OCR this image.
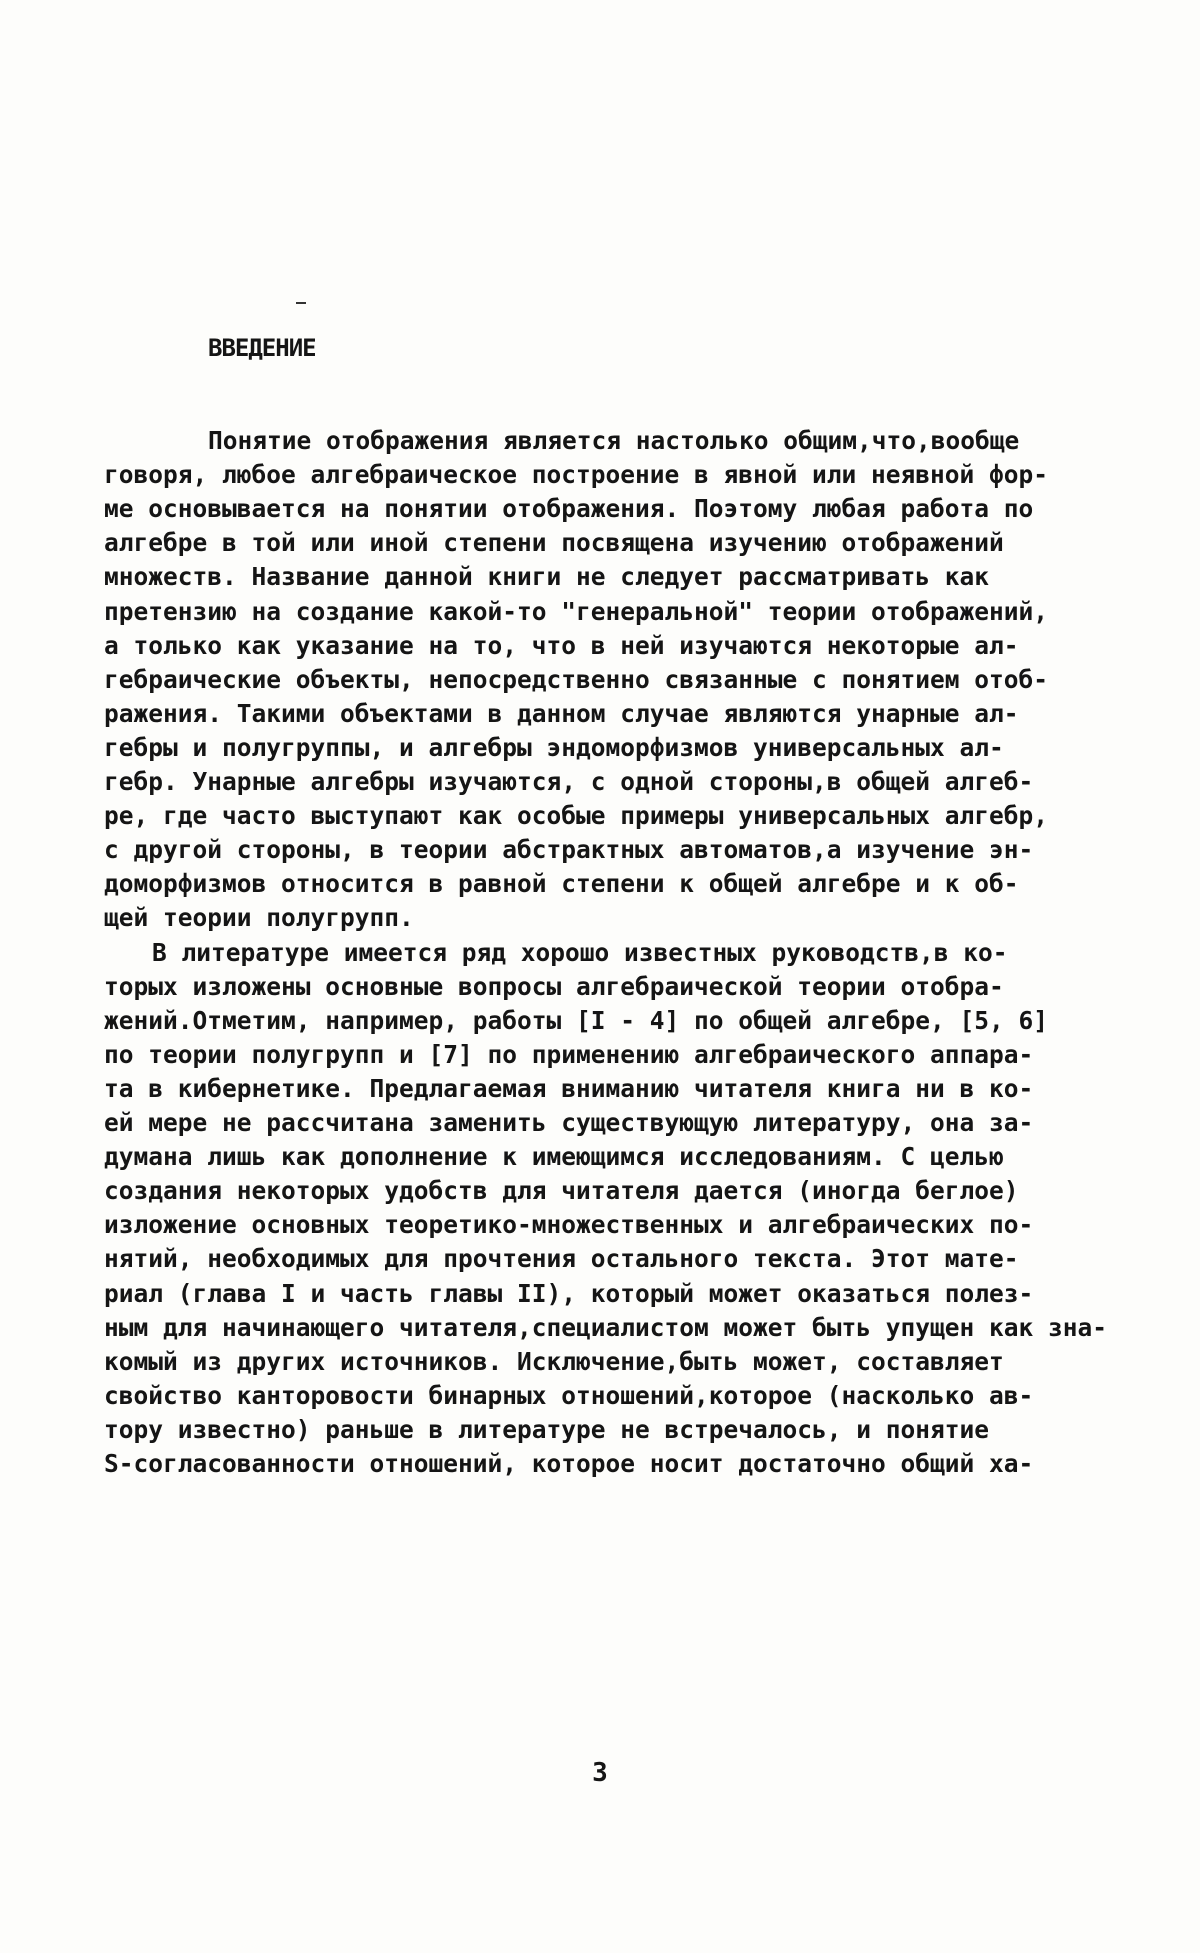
ВВЕДЕНИЕ
Понятие отображения является настолько общим,что,вообще
говоря, любое алгебраическое построение в явной или неявной фор-
ме основывается на понятии отображения. Поэтому любая работа по
алгебре в той или иной степени посвящена изучению отображений
множеств. Название данной книги не следует рассматривать как
претензию на создание какой-то "генеральной" теории отображений,
а только как указание на то, что в ней изучаются некоторые ал-
гебраические объекты, непосредственно связанные с понятием отоб-
ражения. Такими объектами в данном случае являются унарные ал-
гебры и полугруппы, и алгебры эндоморфизмов универсальных ал-
гебр. Унарные алгебры изучаются, с одной стороны,в общей алгеб-
ре, где часто выступают как особые примеры универсальных алгебр,
с другой стороны, в теории абстрактных автоматов,а изучение эн-
доморфизмов относится в равной степени к общей алгебре и к об-
щей теории полугрупп.
В литературе имеется ряд хорошо известных руководств,в ко-
торых изложены основные вопросы алгебраической теории отобра-
жений.Отметим, например, работы [I - 4] по общей алгебре, [5, 6]
по теории полугрупп и [7] по применению алгебраического аппара-
та в кибернетике. Предлагаемая вниманию читателя книга ни в ко-
ей мере не рассчитана заменить существующую литературу, она за-
думана лишь как дополнение к имеющимся исследованиям. С целью
создания некоторых удобств для читателя дается (иногда беглое)
изложение основных теоретико-множественных и алгебраических по-
нятий, необходимых для прочтения остального текста. Этот мате-
риал (глава I и часть главы II), который может оказаться полез-
ным для начинающего читателя,специалистом может быть упущен как зна-
комый из других источников. Исключение,быть может, составляет
свойство канторовости бинарных отношений,которое (насколько ав-
тору известно) раньше в литературе не встречалось, и понятие
S-согласованности отношений, которое носит достаточно общий ха-
3
